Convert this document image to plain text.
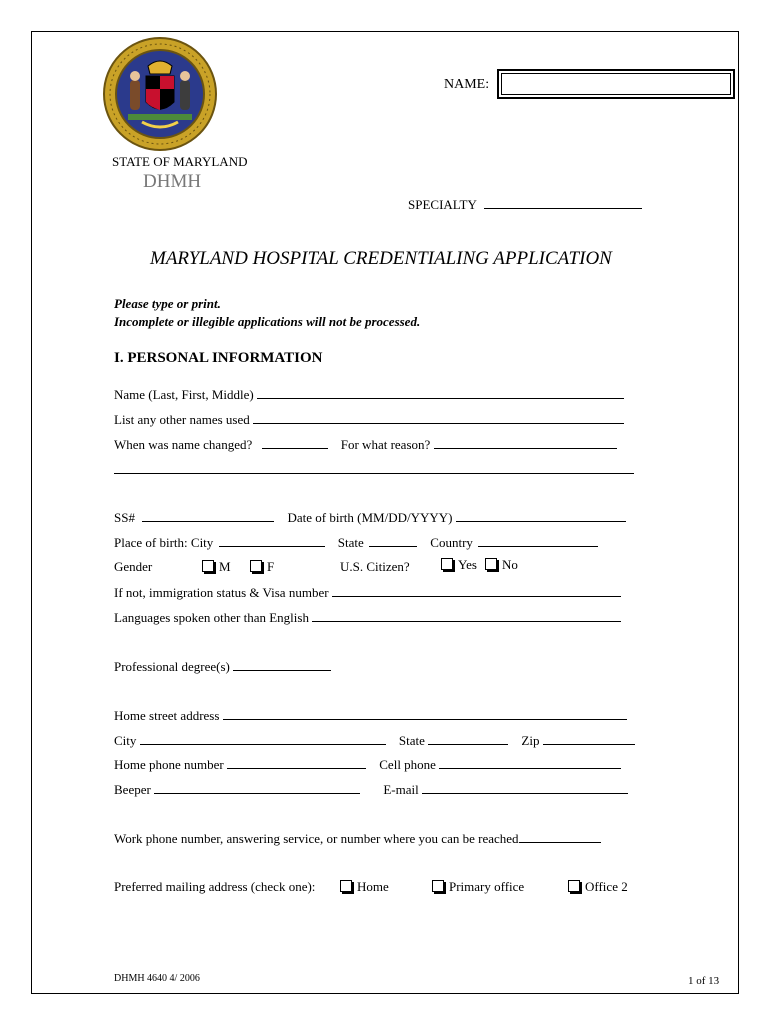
NAME:
STATE OF MARYLAND
DHMH
SPECIALTY
MARYLAND HOSPITAL CREDENTIALING APPLICATION
Please type or print.
Incomplete or illegible applications will not be processed.
I. PERSONAL INFORMATION
Name (Last, First, Middle)
List any other names used
When was name changed?	For what reason?
SS#	Date of birth (MM/DD/YYYY)
Place of birth: City	State	Country
Gender	M	F	U.S. Citizen?	Yes	No
If not, immigration status & Visa number
Languages spoken other than English
Professional degree(s)
Home street address
City	State	Zip
Home phone number	Cell phone
Beeper	E-mail
Work phone number, answering service, or number where you can be reached
Preferred mailing address (check one):	Home	Primary office	Office 2
DHMH 4640 4/ 2006	1 of 13
